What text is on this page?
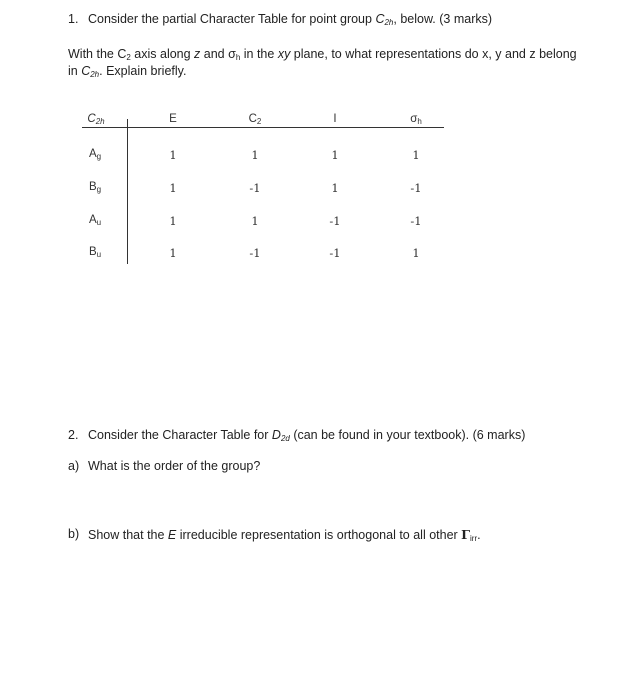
1. Consider the partial Character Table for point group $C_{2h}$, below. (3 marks)
With the $C_2$ axis along z and $\sigma_h$ in the xy plane, to what representations do x, y and z belong
in $C_{2h}$. Explain briefly.
$C_{2h}$	E	$C_2$	I	$\sigma_h$
$A_g$	1	1	1	1
$B_g$	1	-1	1	-1
$A_u$	1	1	-1	-1
$B_u$	1	-1	-1	1
2. Consider the Character Table for $D_{2d}$ (can be found in your textbook). (6 marks)
a) What is the order of the group?
b) Show that the E irreducible representation is orthogonal to all other $\Gamma_{irr}$.
